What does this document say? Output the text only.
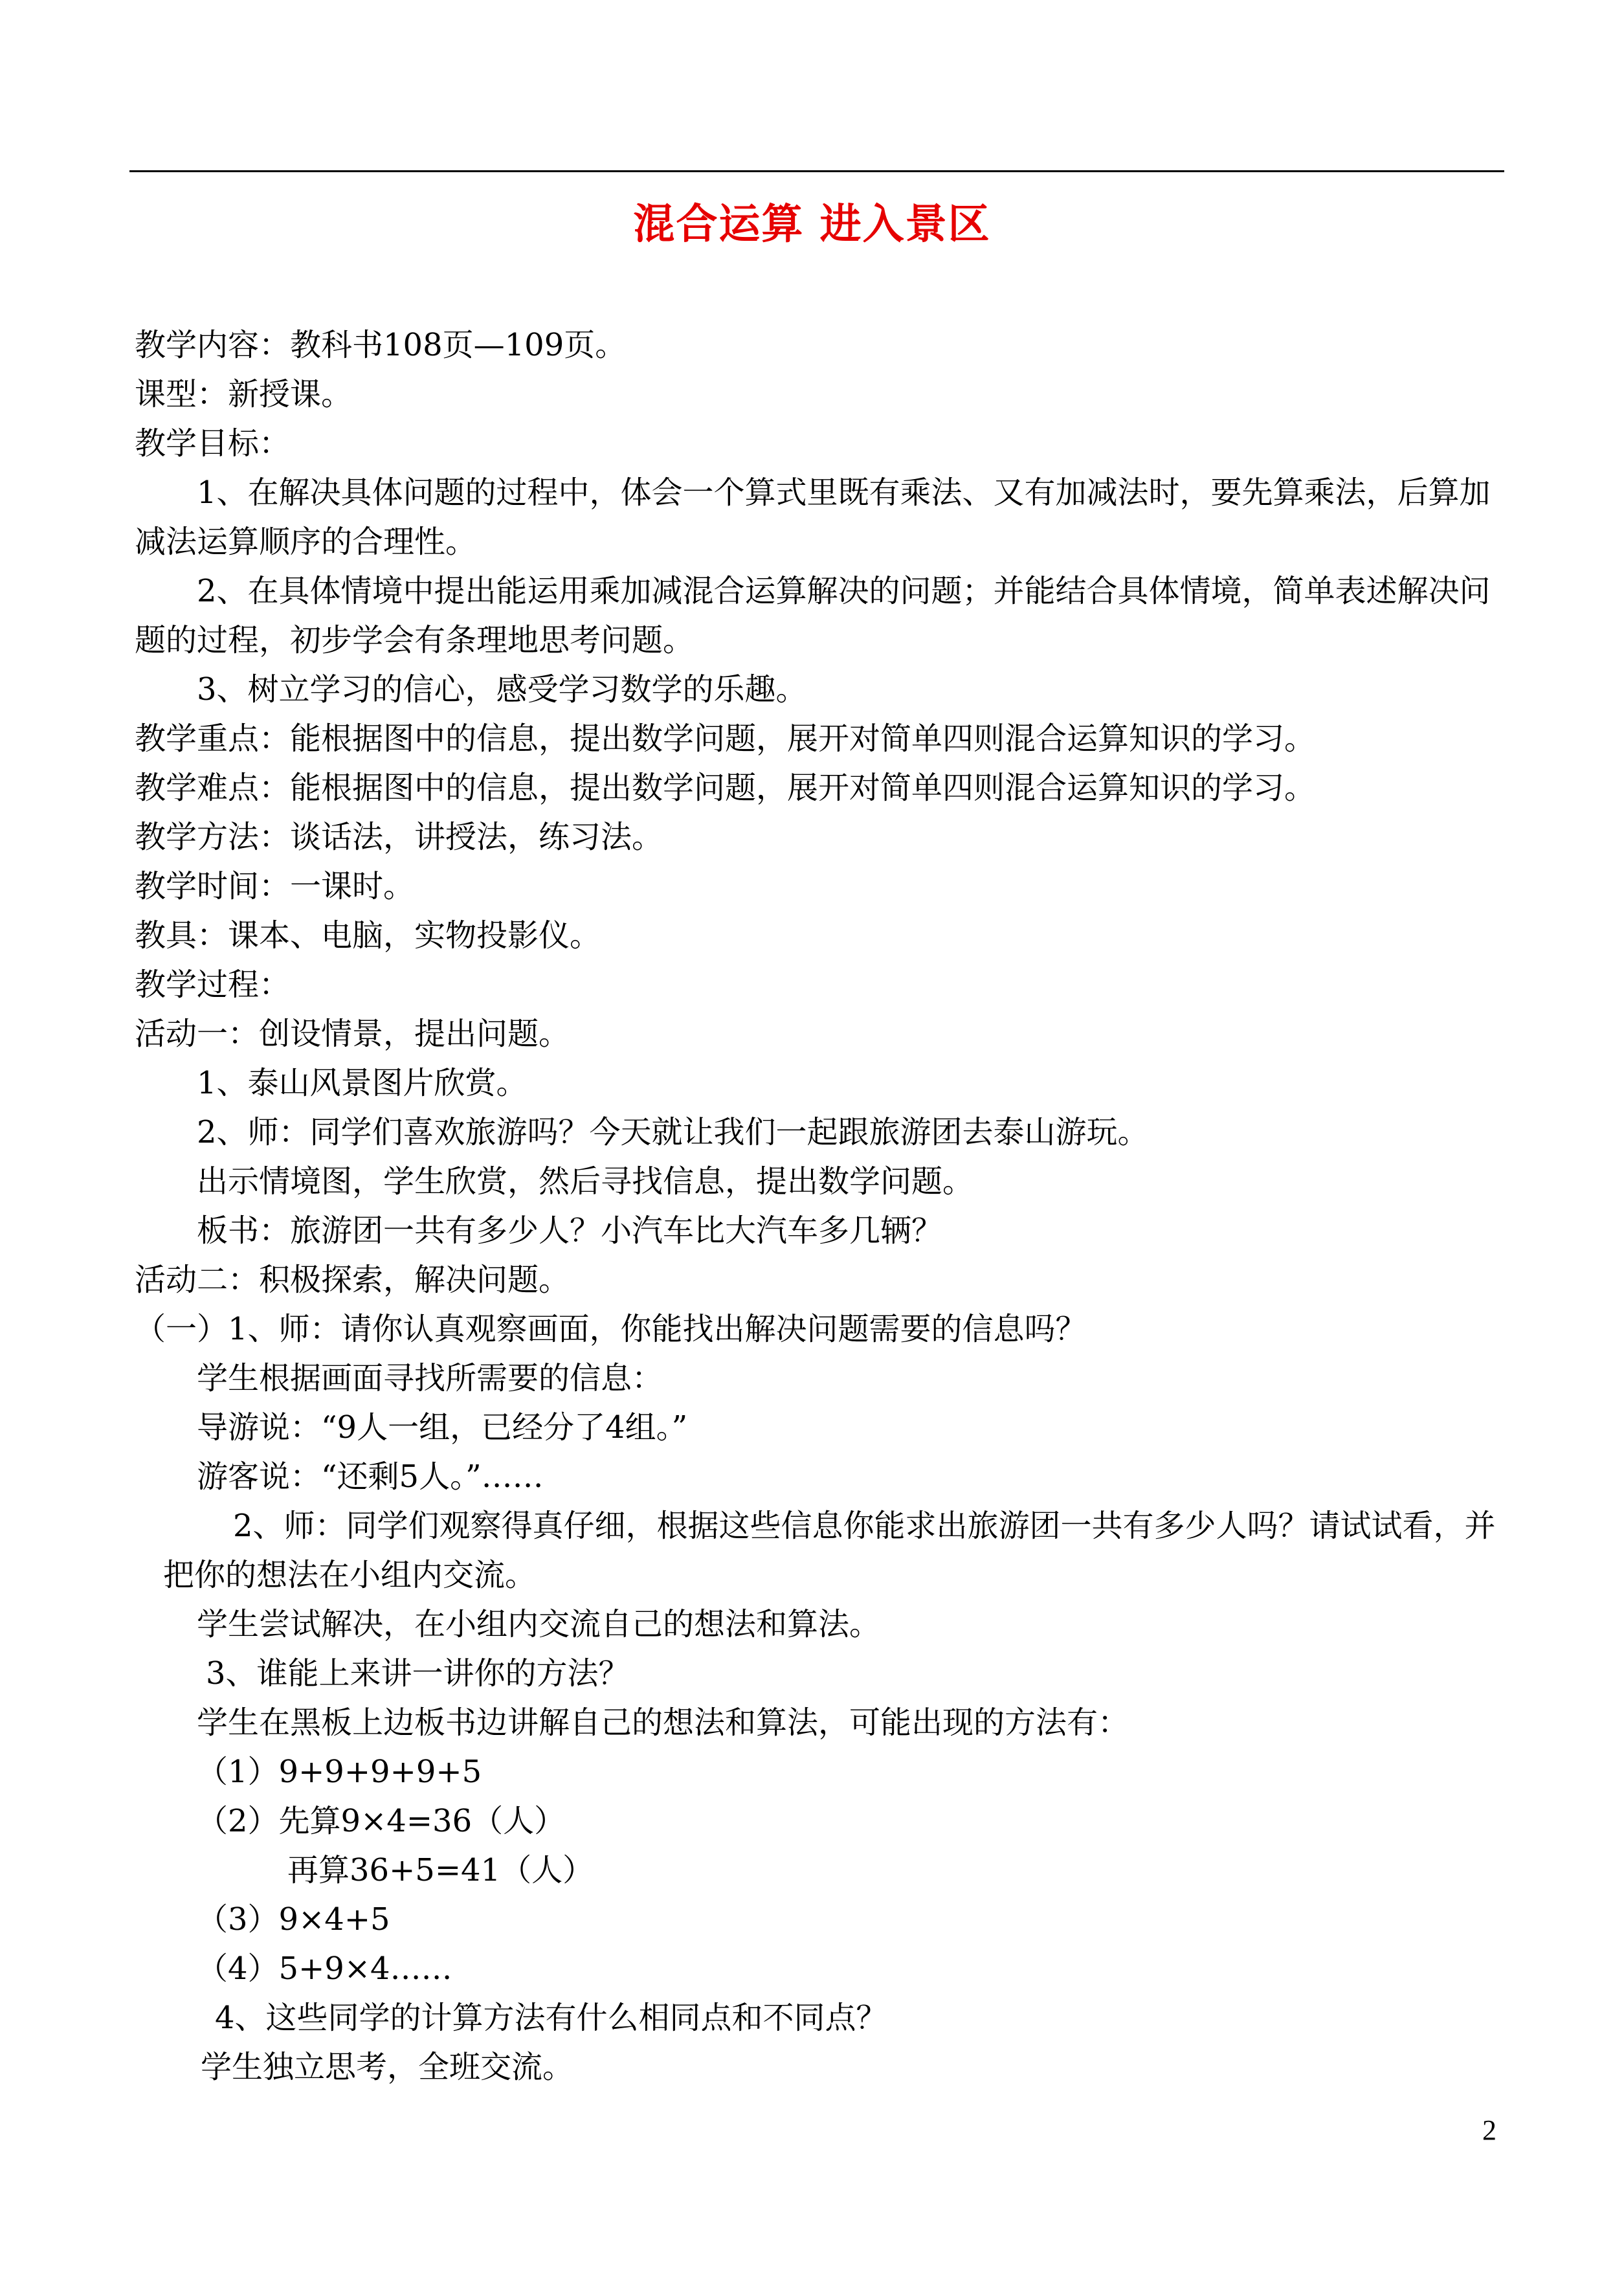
混合运算 进入景区

教学内容：教科书108页—109页。

课型：新授课。

教学目标：

1、在解决具体问题的过程中，体会一个算式里既有乘法、又有加减法时，要先算乘法，后算加减法运算顺序的合理性。

2、在具体情境中提出能运用乘加减混合运算解决的问题；并能结合具体情境，简单表述解决问题的过程，初步学会有条理地思考问题。

3、树立学习的信心，感受学习数学的乐趣。

教学重点：能根据图中的信息，提出数学问题，展开对简单四则混合运算知识的学习。

教学难点：能根据图中的信息，提出数学问题，展开对简单四则混合运算知识的学习。

教学方法：谈话法，讲授法，练习法。

教学时间：一课时。

教具：课本、电脑，实物投影仪。

教学过程：

活动一：创设情景，提出问题。

1、泰山风景图片欣赏。

2、师：同学们喜欢旅游吗？今天就让我们一起跟旅游团去泰山游玩。

出示情境图，学生欣赏，然后寻找信息，提出数学问题。

板书：旅游团一共有多少人？小汽车比大汽车多几辆？

活动二：积极探索，解决问题。

（一）1、师：请你认真观察画面，你能找出解决问题需要的信息吗？

学生根据画面寻找所需要的信息：

导游说：“9人一组，已经分了4组。”

游客说：“还剩5人。”……

2、师：同学们观察得真仔细，根据这些信息你能求出旅游团一共有多少人吗？请试试看，并把你的想法在小组内交流。

学生尝试解决，在小组内交流自己的想法和算法。

3、谁能上来讲一讲你的方法？

学生在黑板上边板书边讲解自己的想法和算法，可能出现的方法有：

（1）9+9+9+9+5

（2）先算9×4=36（人）

再算36+5=41（人）

（3）9×4+5

（4）5+9×4……

4、这些同学的计算方法有什么相同点和不同点？

学生独立思考，全班交流。

2
